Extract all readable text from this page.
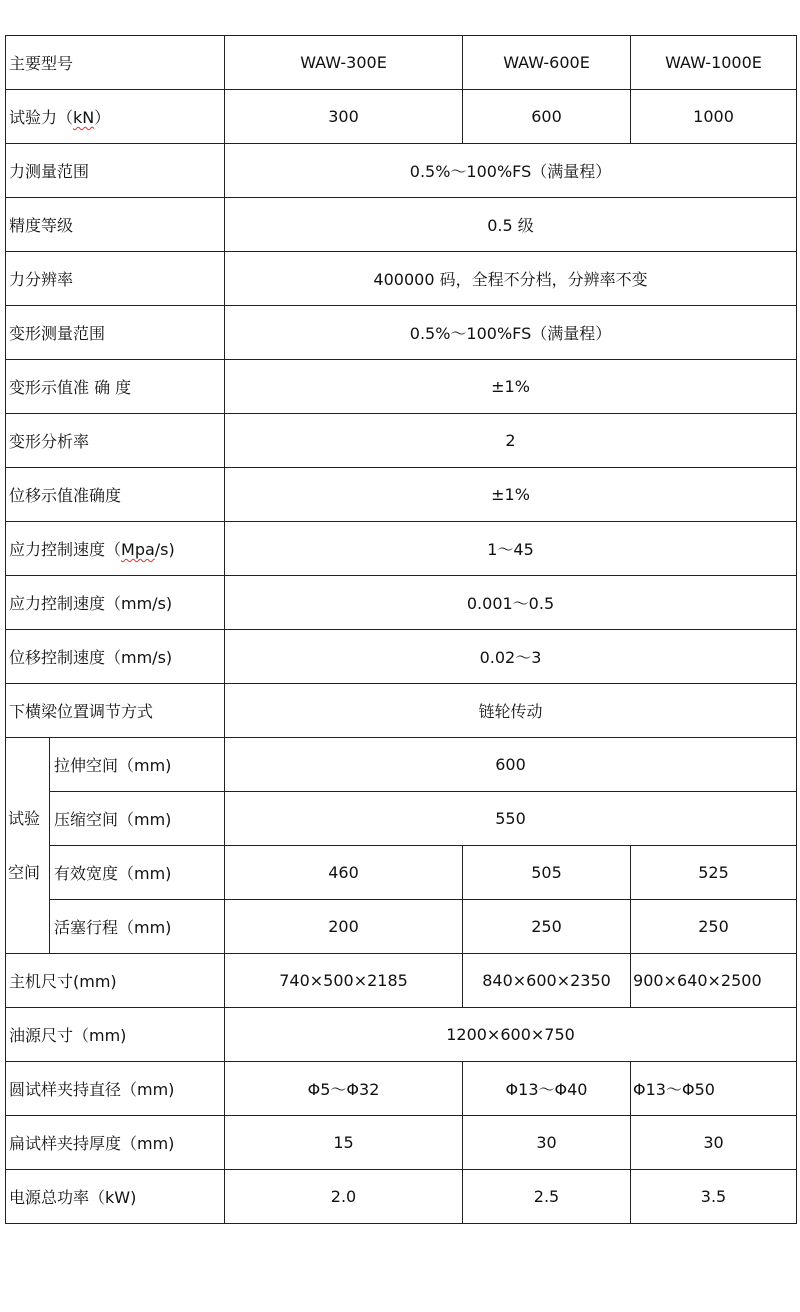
主要型号		WAW-300E	WAW-600E	WAW-1000E
试验力（kN）		300	600	1000
力测量范围		0.5%～100%FS（满量程）		
精度等级		0.5 级		
力分辨率		400000 码，全程不分档，分辨率不变		
变形测量范围		0.5%～100%FS（满量程）		
变形示值准 确 度		±1%		
变形分析率		2		
位移示值准确度		±1%		
应力控制速度（Mpa/s)		1～45		
应力控制速度（mm/s)		0.001～0.5		
位移控制速度（mm/s)		0.02～3		
下横梁位置调节方式		链轮传动		

试验
空间	拉伸空间（mm)	600		
	压缩空间（mm)	550		
	有效宽度（mm)	460	505	525
	活塞行程（mm)	200	250	250
主机尺寸(mm)		740×500×2185	840×600×2350	900×640×2500
油源尺寸（mm)		1200×600×750		
圆试样夹持直径（mm)		Φ5～Φ32	Φ13～Φ40	Φ13～Φ50
扁试样夹持厚度（mm)		15	30	30
电源总功率（kW)		2.0	2.5	3.5
